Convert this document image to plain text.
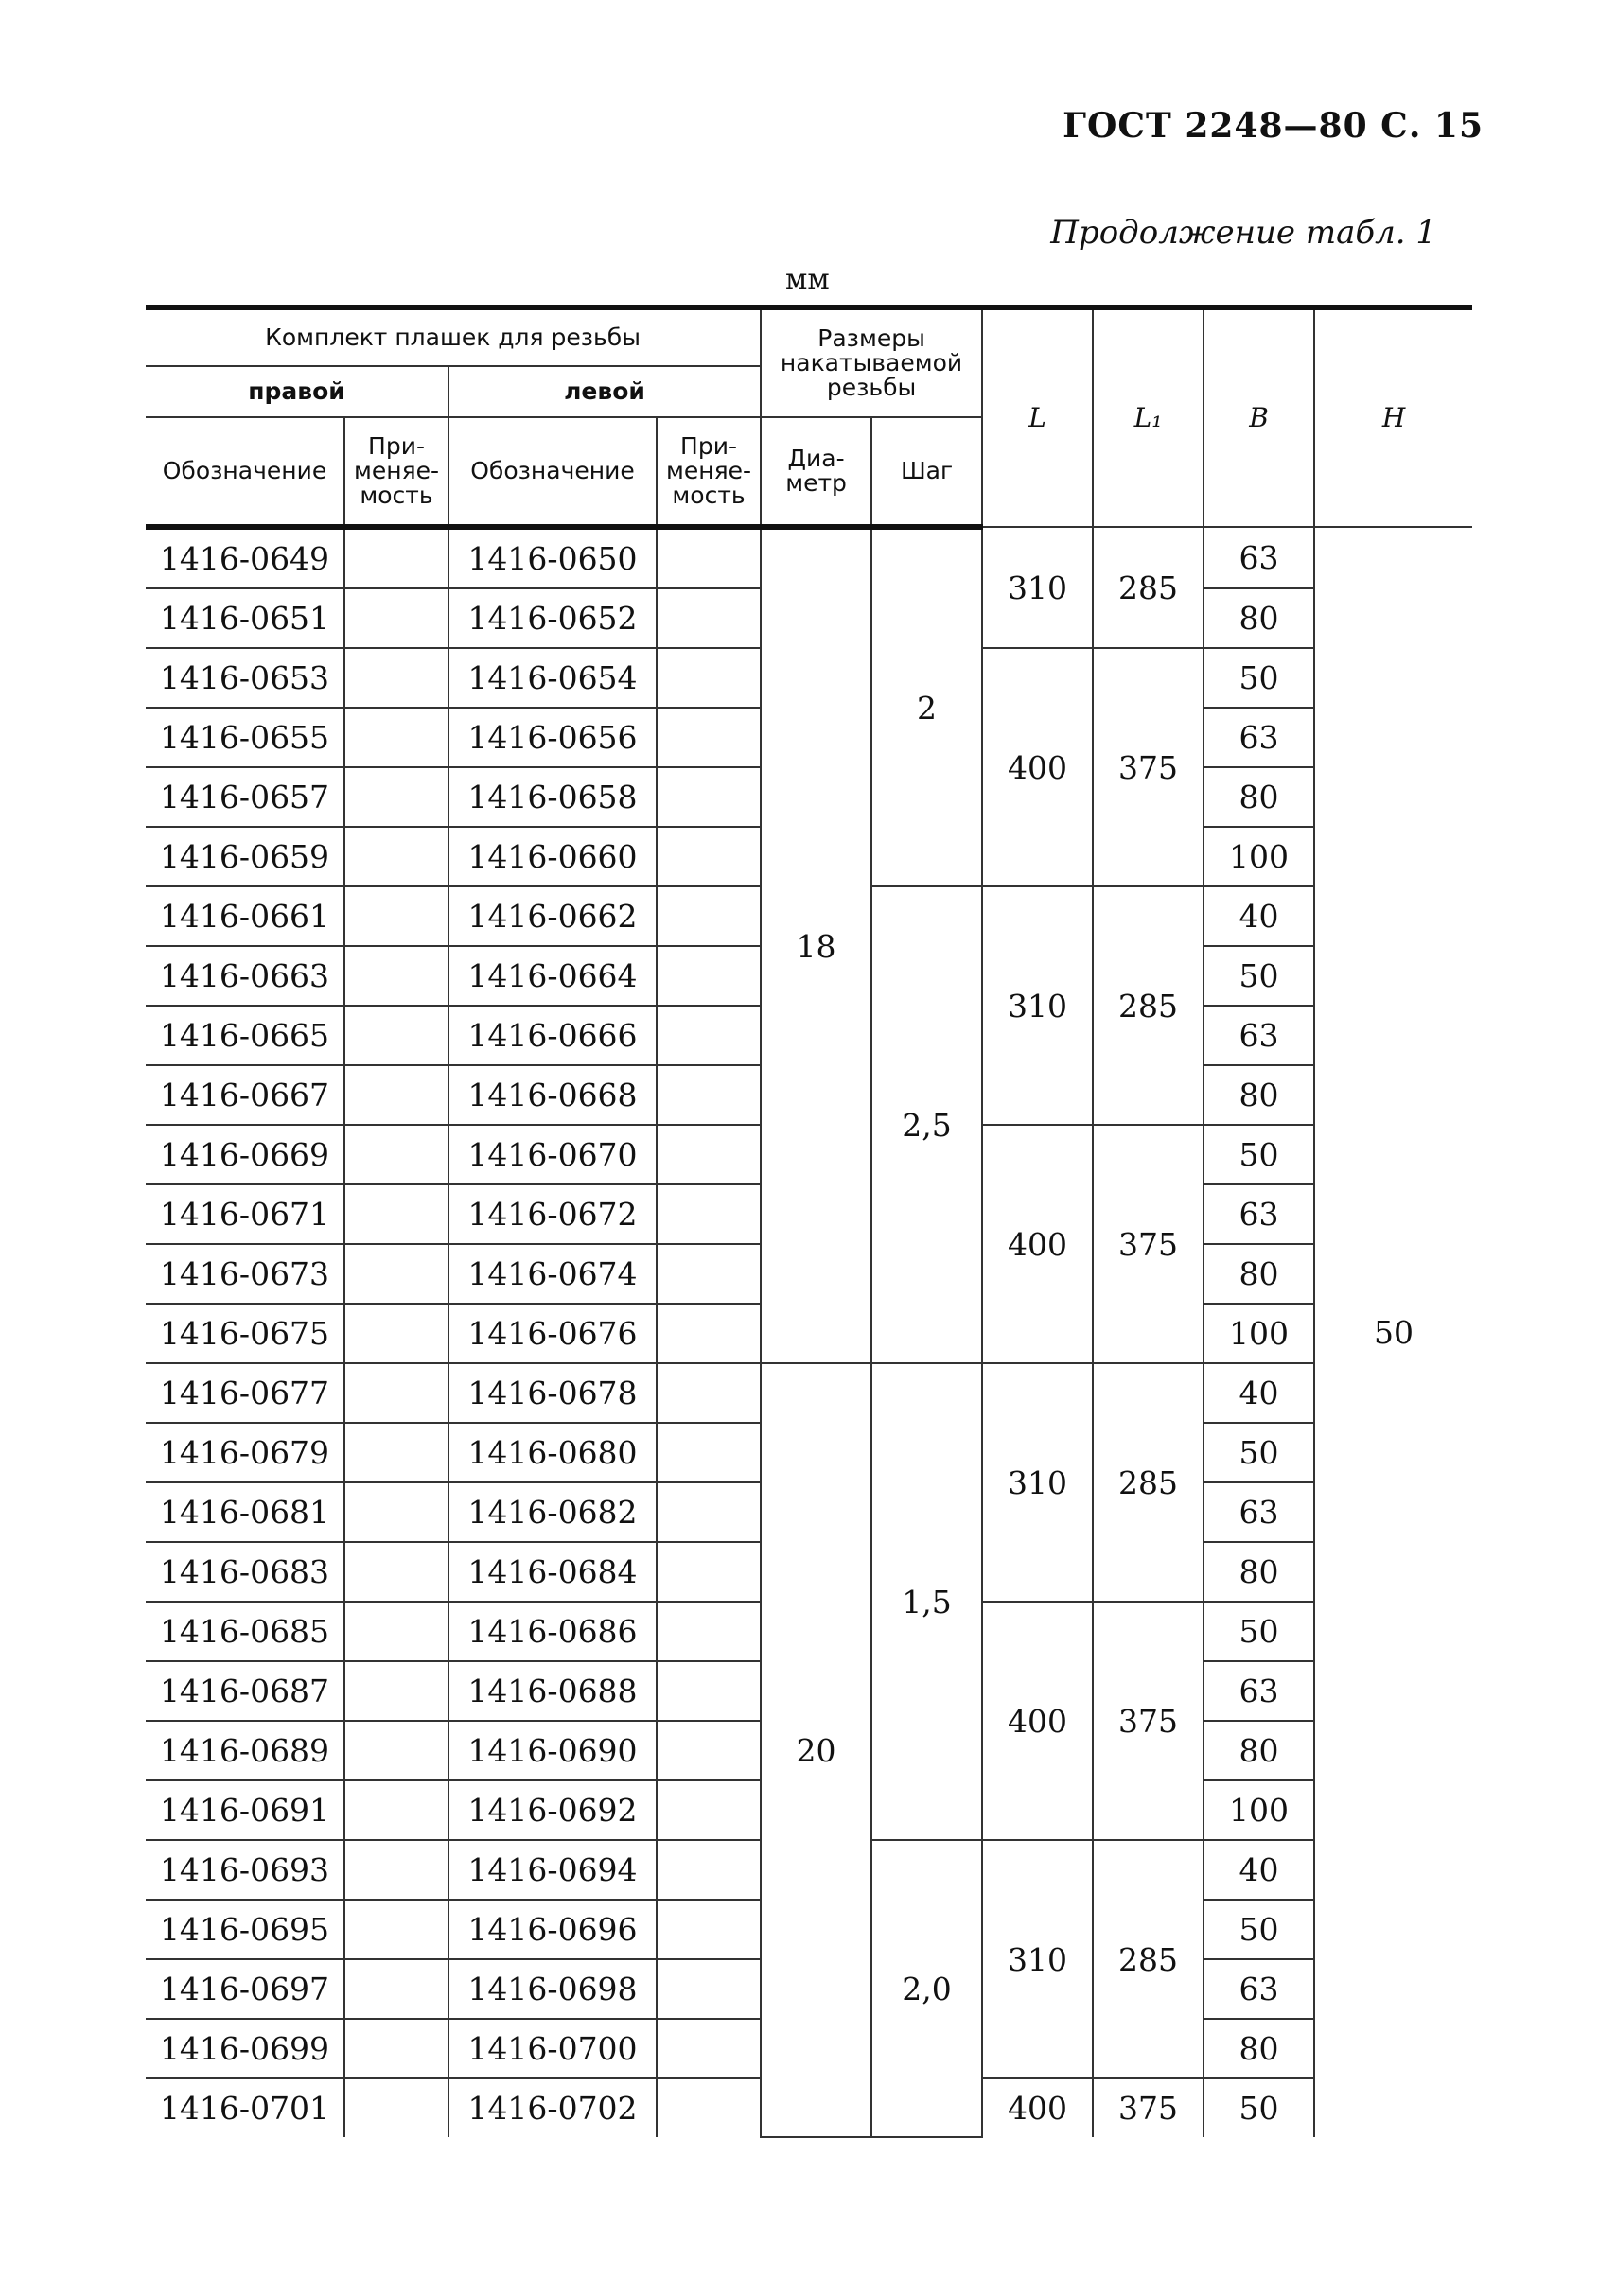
ГОСТ 2248—80 С. 15
Продолжение табл. 1
мм
Комплект плашек для резьбы				Размеры накатываемой резьбы		L	L₁	B	H
правой		левой							
Обозначение	При-меняе-мость	Обозначение	При-меняе-мость	Диа-метр	Шаг				
1416-0649		1416-0650		18	2	310	285	63	50
1416-0651		1416-0652						80	
1416-0653		1416-0654				400	375	50	
1416-0655		1416-0656						63	
1416-0657		1416-0658						80	
1416-0659		1416-0660						100	
1416-0661		1416-0662			2,5	310	285	40	
1416-0663		1416-0664						50	
1416-0665		1416-0666						63	
1416-0667		1416-0668						80	
1416-0669		1416-0670				400	375	50	
1416-0671		1416-0672						63	
1416-0673		1416-0674						80	
1416-0675		1416-0676						100	
1416-0677		1416-0678		20	1,5	310	285	40	
1416-0679		1416-0680						50	
1416-0681		1416-0682						63	
1416-0683		1416-0684						80	
1416-0685		1416-0686				400	375	50	
1416-0687		1416-0688						63	
1416-0689		1416-0690						80	
1416-0691		1416-0692						100	
1416-0693		1416-0694			2,0	310	285	40	
1416-0695		1416-0696						50	
1416-0697		1416-0698						63	
1416-0699		1416-0700						80	
1416-0701		1416-0702				400	375	50	
